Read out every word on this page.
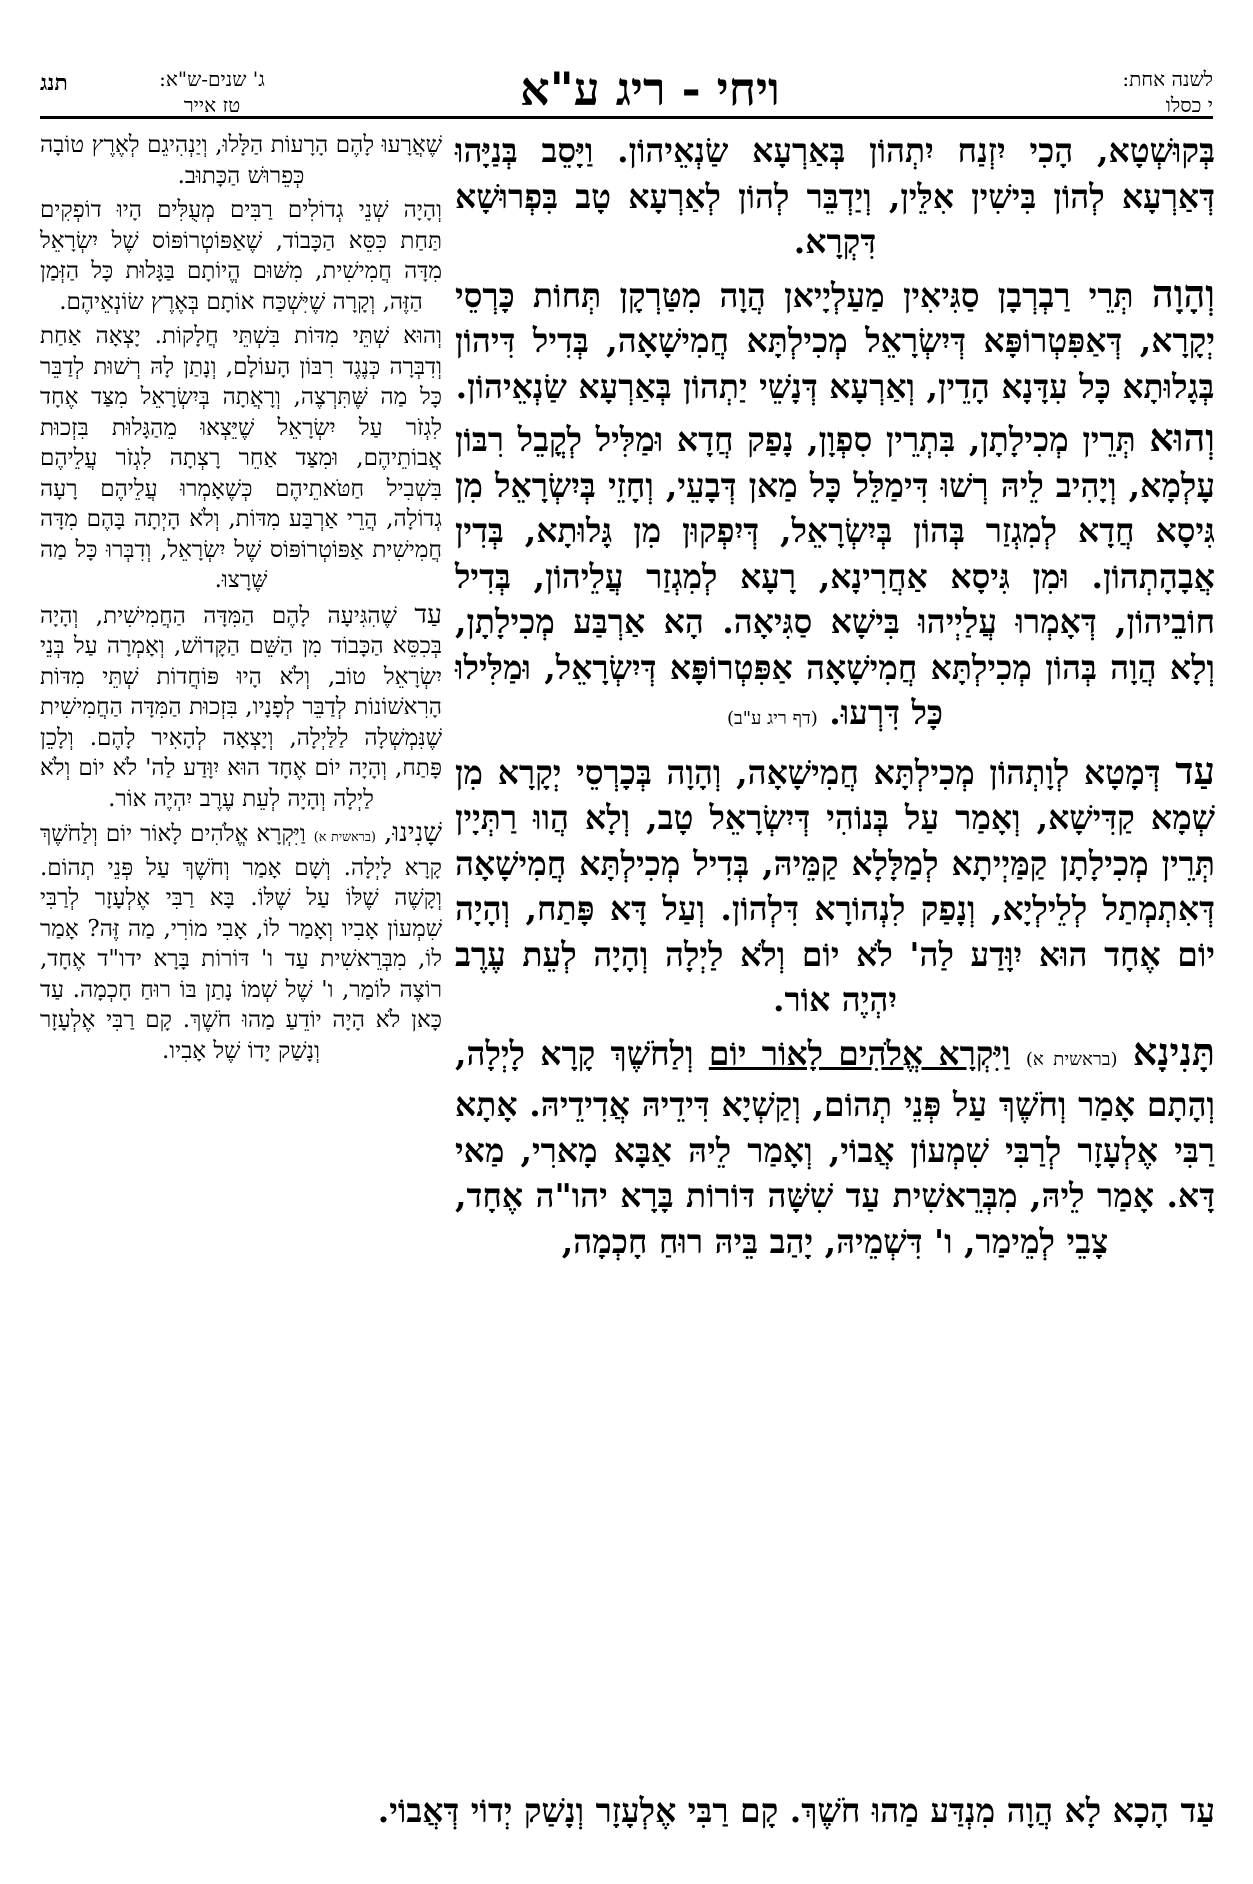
לשנה אחת:
י כסלו
ויחי - ריג ע"א
ג' שנים-ש"א:
טז אייר
תנג

בְּקוּשְׁטָא, הָכִי יִזְנַח יִתְהוֹן בְּאַרְעָא שַׂנְאֵיהוֹן. וַיָּסֵב בְּנַיָּהוּ דְּאַרְעָא לְהוֹן בִּישִׁין אִלֵּין, וְיַדְבֵּר לְהוֹן לְאַרְעָא טָב בִּפְרוּשָׁא דִּקְרָא.

וְהָוָה תְּרֵי רַבְרְבָן סַגִּיאִין מַעַלְיָיאן הֲוָה מִטַּרְקָן תְּחוֹת כָּרְסֵי יְקָרָא, דְּאַפִּטְרוֹפָּא דְּיִשְׂרָאֵל מְכִילְתָּא חֲמִישָׁאָה, בְּדִיל דִּיהוֹן בְּגָלוּתָא כָּל עִדָּנָא הָדֵין, וְאַרְעָא דְּנָשֵׁי יַתְהוֹן בְּאַרְעָא שַׂנְאֵיהוֹן.

וְהוּא תְּרֵין מְכִילָתָן, בִּתְרֵין סִפְוָן, נָפַק חֲדָא וּמַלִּיל לְקֳבֵל רִבּוֹן עָלְמָא, וְיָהִיב לֵיהּ רְשׁוּ דִּימַלֵּל כָּל מַאן דְּבָעֵי, וְחָזֵי בְּיִשְׂרָאֵל מִן גִּיסָא חֲדָא לְמִגְזַר בְּהוֹן בְּיִשְׂרָאֵל, דְּיִפְקוּן מִן גָּלוּתָא, בְּדִין אֲבָהָתְהוֹן. וּמִן גִּיסָא אַחֲרִינָא, רָעָא לְמִגְזַר עֲלֵיהוֹן, בְּדִיל חוֹבֵיהוֹן, דְּאָמְרוּ עֲלַיְיהוּ בִּישָׁא סַגִּיאָה. הָא אַרְבַּע מְכִילָתָן, וְלָא הֲוָה בְּהוֹן מְכִילְתָּא חֲמִישָׁאָה אַפִּטְרוֹפָּא דְּיִשְׂרָאֵל, וּמַלִּילוּ כָּל דִּרְעוּ. (דף ריג ע"ב)

עַד דְּמָטָא לְוָתְהוֹן מְכִילְתָּא חֲמִישָׁאָה, וְהָוָה בְּכָרְסֵי יְקָרָא מִן שְׁמָא קַדִּישָׁא, וְאָמַר עַל בְּנוֹהִי דְּיִשְׂרָאֵל טָב, וְלָא הֲווּ רַתְּיָין תְּרֵין מְכִילָתָן קַמַּיְיתָא לְמַלָּלָא קַמֵּיהּ, בְּדִיל מְכִילְתָּא חֲמִישָׁאָה דְּאִתְמְתַל לְלֵילְיָא, וְנָפַק לִנְהוֹרָא דִּלְהוֹן. וְעַל דָּא פָּתַח, וְהָיָה יוֹם אֶחָד הוּא יִוָּדַע לַה' לֹא יוֹם וְלֹא לַיְלָה וְהָיָה לְעֵת עֶרֶב יִהְיֶה אוֹר.

תָּנִינָא (בראשית א) וַיִּקְרָא אֱלֹהִים לָאוֹר יוֹם וְלַחֹשֶׁךְ קָרָא לָיְלָה, וְהָתָם אָמַר וְחֹשֶׁךְ עַל פְּנֵי תְהוֹם, וְקַשְׁיָא דִּידֵיהּ אֲדִידֵיהּ. אָתָא רַבִּי אֶלְעָזָר לְרַבִּי שִׁמְעוֹן אֲבוֹי, וְאָמַר לֵיהּ אַבָּא מָארִי, מַאי דָּא. אָמַר לֵיהּ, מִבְּרֵאשִׁית עַד שִׁשָּׁה דּוֹרוֹת בָּרָא יהו"ה אֶחָד, צָבֵי לְמֵימַר, ו' דִּשְׁמֵיהּ, יָהַב בֵּיהּ רוּחַ חָכְמָה,

שֶׁאֲרָעוּ לָהֶם הָרָעוֹת הַלָּלוּ, וְיַנְהִיגֵם לְאֶרֶץ טוֹבָה כְּפֵרוּשׁ הַכָּתוּב.

וְהָיָה שְׁנֵי גְדוֹלִים רַבִּים מְעֻלִּים הָיוּ דוֹפְקִים תַּחַת כִּסֵּא הַכָּבוֹד, שֶׁאַפּוֹטְרוֹפּוֹס שֶׁל יִשְׂרָאֵל מִדָּה חֲמִישִׁית, מִשּׁוּם הֱיוֹתָם בַּגָּלוּת כָּל הַזְּמַן הַזֶּה, וְקָרָה שֶׁיִּשְׁכַּח אוֹתָם בְּאֶרֶץ שׂוֹנְאֵיהֶם.

וְהוּא שְׁתֵּי מִדּוֹת בִּשְׁתֵּי חֲלָקוֹת. יָצְאָה אַחַת וְדִבְּרָה כְּנֶגֶד רִבּוֹן הָעוֹלָם, וְנָתַן לָהּ רְשׁוּת לְדַבֵּר כָּל מַה שֶּׁתִּרְצֶה, וְרָאֲתָה בְּיִשְׂרָאֵל מִצַּד אֶחָד לִגְזֹר עַל יִשְׂרָאֵל שֶׁיֵּצְאוּ מֵהַגָּלוּת בִּזְכוּת אֲבוֹתֵיהֶם, וּמִצַּד אַחֵר רָצְתָה לִגְזֹר עֲלֵיהֶם בִּשְׁבִיל חַטֹּאתֵיהֶם כְּשֶׁאָמְרוּ עֲלֵיהֶם רָעָה גְדוֹלָה, הֲרֵי אַרְבַּע מִדּוֹת, וְלֹא הָיְתָה בָּהֶם מִדָּה חֲמִישִׁית אַפּוֹטְרוֹפּוֹס שֶׁל יִשְׂרָאֵל, וְדִבְּרוּ כָּל מַה שֶּׁרָצוּ.

עַד שֶׁהִגִּיעָה לָהֶם הַמִּדָּה הַחֲמִישִׁית, וְהָיָה בְּכִסֵּא הַכָּבוֹד מִן הַשֵּׁם הַקָּדוֹשׁ, וְאָמְרָה עַל בְּנֵי יִשְׂרָאֵל טוֹב, וְלֹא הָיוּ פּוֹחֲדוֹת שְׁתֵּי מִדּוֹת הָרִאשׁוֹנוֹת לְדַבֵּר לְפָנָיו, בִּזְכוּת הַמִּדָּה הַחֲמִישִׁית שֶׁנִּמְשְׁלָה לַלַּיְלָה, וְיָצְאָה לְהָאִיר לָהֶם. וְלָכֵן פָּתַח, וְהָיָה יוֹם אֶחָד הוּא יִוָּדַע לַה' לֹא יוֹם וְלֹא לַיְלָה וְהָיָה לְעֵת עֶרֶב יִהְיֶה אוֹר.

שָׁנִינוּ, (בראשית א) וַיִּקְרָא אֱלֹהִים לָאוֹר יוֹם וְלַחֹשֶׁךְ קָרָא לָיְלָה. וְשָׁם אָמַר וְחֹשֶׁךְ עַל פְּנֵי תְהוֹם. וְקָשֶׁה שֶׁלּוֹ עַל שֶׁלּוֹ. בָּא רַבִּי אֶלְעָזָר לְרַבִּי שִׁמְעוֹן אָבִיו וְאָמַר לוֹ, אָבִי מוֹרִי, מַה זֶּה? אָמַר לוֹ, מִבְּרֵאשִׁית עַד ו' דּוֹרוֹת בָּרָא ידו"ד אֶחָד, רוֹצֶה לוֹמַר, ו' שֶׁל שְׁמוֹ נָתַן בּוֹ רוּחַ חָכְמָה. עַד כָּאן לֹא הָיָה יוֹדֵעַ מַהוּ חֹשֶׁךְ. קָם רַבִּי אֶלְעָזָר וְנָשַׁק יָדוֹ שֶׁל אָבִיו.

עַד הָכָא לָא הֲוָה מִנְדַּע מַהוּ חֹשֶׁךְ. קָם רַבִּי אֶלְעָזָר וְנָשַׁק יְדוֹי דְּאֲבוֹי.
